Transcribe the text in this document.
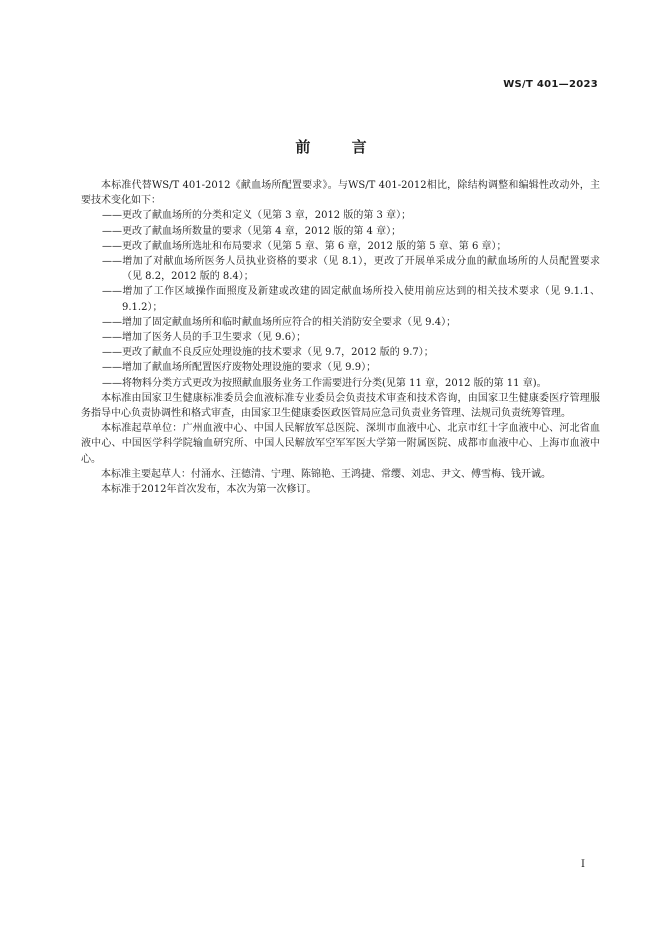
WS/T 401—2023
前 言

本标准代替WS/T 401-2012《献血场所配置要求》。与WS/T 401-2012相比，除结构调整和编辑性改动外，主要技术变化如下：

——更改了献血场所的分类和定义（见第 3 章，2012 版的第 3 章）；

——更改了献血场所数量的要求（见第 4 章，2012 版的第 4 章）；

——更改了献血场所选址和布局要求（见第 5 章、第 6 章，2012 版的第 5 章、第 6 章）；

——增加了对献血场所医务人员执业资格的要求（见 8.1），更改了开展单采成分血的献血场所的人员配置要求（见 8.2，2012 版的 8.4）；

——增加了工作区域操作面照度及新建或改建的固定献血场所投入使用前应达到的相关技术要求（见 9.1.1、9.1.2）；

——增加了固定献血场所和临时献血场所应符合的相关消防安全要求（见 9.4）；

——增加了医务人员的手卫生要求（见 9.6）；

——更改了献血不良反应处理设施的技术要求（见 9.7，2012 版的 9.7）；

——增加了献血场所配置医疗废物处理设施的要求（见 9.9）；

——将物料分类方式更改为按照献血服务业务工作需要进行分类(见第 11 章，2012 版的第 11 章)。

本标准由国家卫生健康标准委员会血液标准专业委员会负责技术审查和技术咨询，由国家卫生健康委医疗管理服务指导中心负责协调性和格式审查，由国家卫生健康委医政医管局应急司负责业务管理、法规司负责统筹管理。

本标准起草单位：广州血液中心、中国人民解放军总医院、深圳市血液中心、北京市红十字血液中心、河北省血液中心、中国医学科学院输血研究所、中国人民解放军空军军医大学第一附属医院、成都市血液中心、上海市血液中心。

本标准主要起草人：付涌水、汪德清、宁理、陈锦艳、王鸿捷、常缨、刘忠、尹文、傅雪梅、钱开诚。

本标准于2012年首次发布，本次为第一次修订。

I
